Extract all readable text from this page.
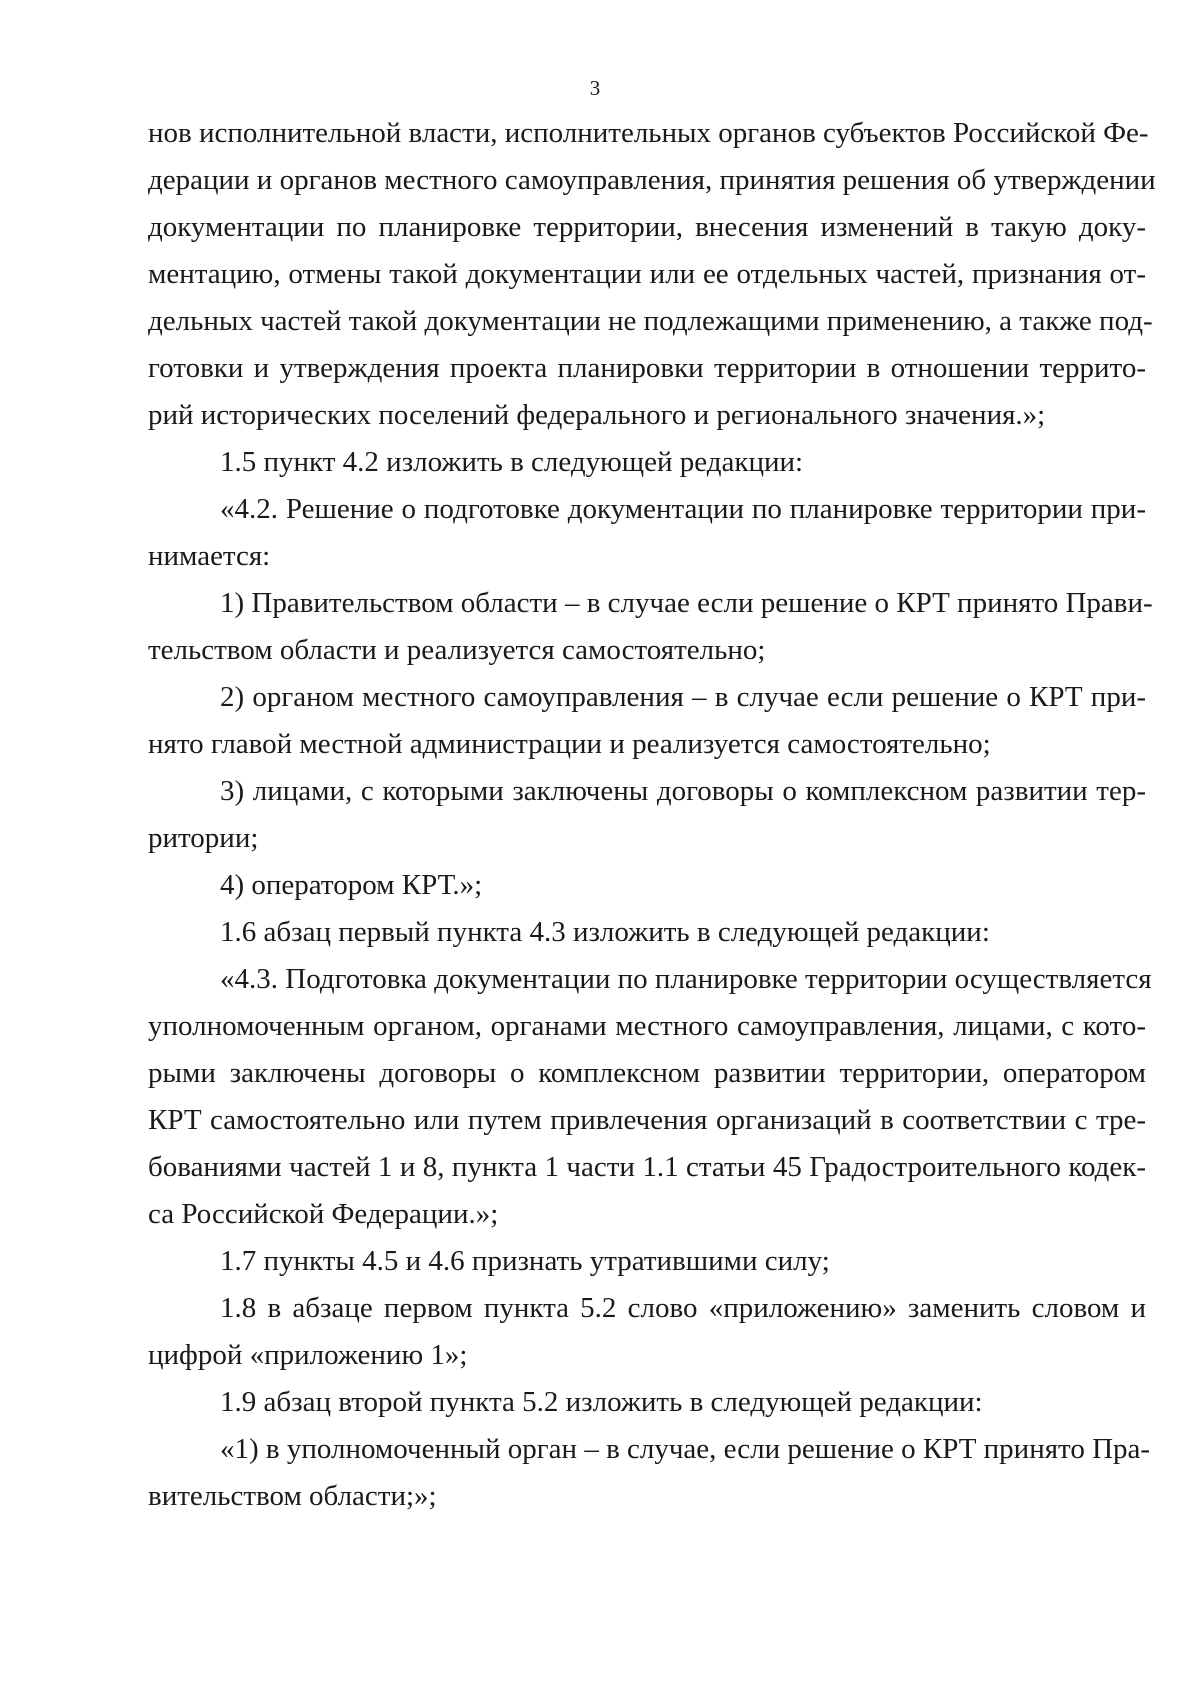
3
нов исполнительной власти, исполнительных органов субъектов Российской Фе-
дерации и органов местного самоуправления, принятия решения об утверждении
документации по планировке территории, внесения изменений в такую доку-
ментацию, отмены такой документации или ее отдельных частей, признания от-
дельных частей такой документации не подлежащими применению, а также под-
готовки и утверждения проекта планировки территории в отношении террито-
рий исторических поселений федерального и регионального значения.»;
1.5 пункт 4.2 изложить в следующей редакции:
«4.2. Решение о подготовке документации по планировке территории при-
нимается:
1) Правительством области – в случае если решение о КРТ принято Прави-
тельством области и реализуется самостоятельно;
2) органом местного самоуправления – в случае если решение о КРТ при-
нято главой местной администрации и реализуется самостоятельно;
3) лицами, с которыми заключены договоры о комплексном развитии тер-
ритории;
4) оператором КРТ.»;
1.6 абзац первый пункта 4.3 изложить в следующей редакции:
«4.3. Подготовка документации по планировке территории осуществляется
уполномоченным органом, органами местного самоуправления, лицами, с кото-
рыми заключены договоры о комплексном развитии территории, оператором
КРТ самостоятельно или путем привлечения организаций в соответствии с тре-
бованиями частей 1 и 8, пункта 1 части 1.1 статьи 45 Градостроительного кодек-
са Российской Федерации.»;
1.7 пункты 4.5 и 4.6 признать утратившими силу;
1.8 в абзаце первом пункта 5.2 слово «приложению» заменить словом и
цифрой «приложению 1»;
1.9 абзац второй пункта 5.2 изложить в следующей редакции:
«1) в уполномоченный орган – в случае, если решение о КРТ принято Пра-
вительством области;»;
